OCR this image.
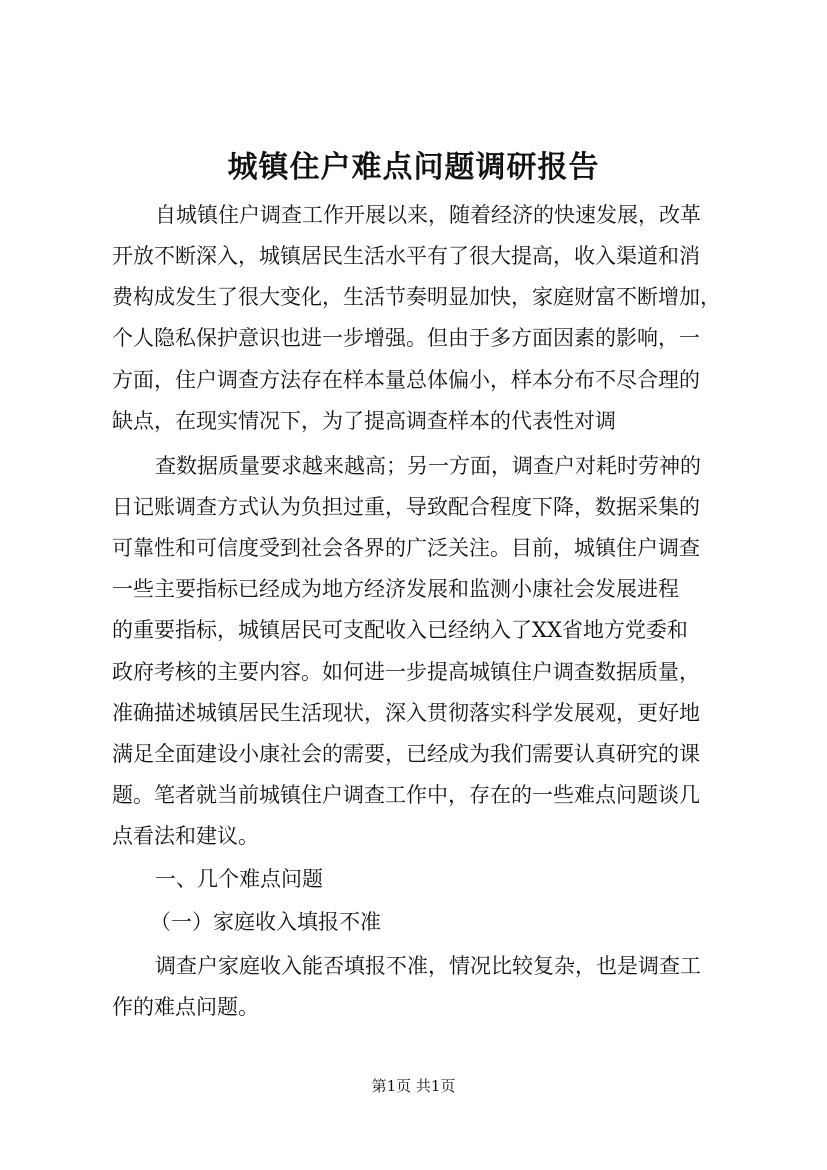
城镇住户难点问题调研报告
自城镇住户调查工作开展以来，随着经济的快速发展，改革
开放不断深入，城镇居民生活水平有了很大提高，收入渠道和消
费构成发生了很大变化，生活节奏明显加快，家庭财富不断增加，
个人隐私保护意识也进一步增强。但由于多方面因素的影响，一
方面，住户调查方法存在样本量总体偏小，样本分布不尽合理的
缺点，在现实情况下，为了提高调查样本的代表性对调
查数据质量要求越来越高；另一方面，调查户对耗时劳神的
日记账调查方式认为负担过重，导致配合程度下降，数据采集的
可靠性和可信度受到社会各界的广泛关注。目前，城镇住户调查
一些主要指标已经成为地方经济发展和监测小康社会发展进程
的重要指标，城镇居民可支配收入已经纳入了XX省地方党委和
政府考核的主要内容。如何进一步提高城镇住户调查数据质量，
准确描述城镇居民生活现状，深入贯彻落实科学发展观，更好地
满足全面建设小康社会的需要，已经成为我们需要认真研究的课
题。笔者就当前城镇住户调查工作中，存在的一些难点问题谈几
点看法和建议。
一、几个难点问题
（一）家庭收入填报不准
调查户家庭收入能否填报不准，情况比较复杂，也是调查工
作的难点问题。
第1页 共1页
